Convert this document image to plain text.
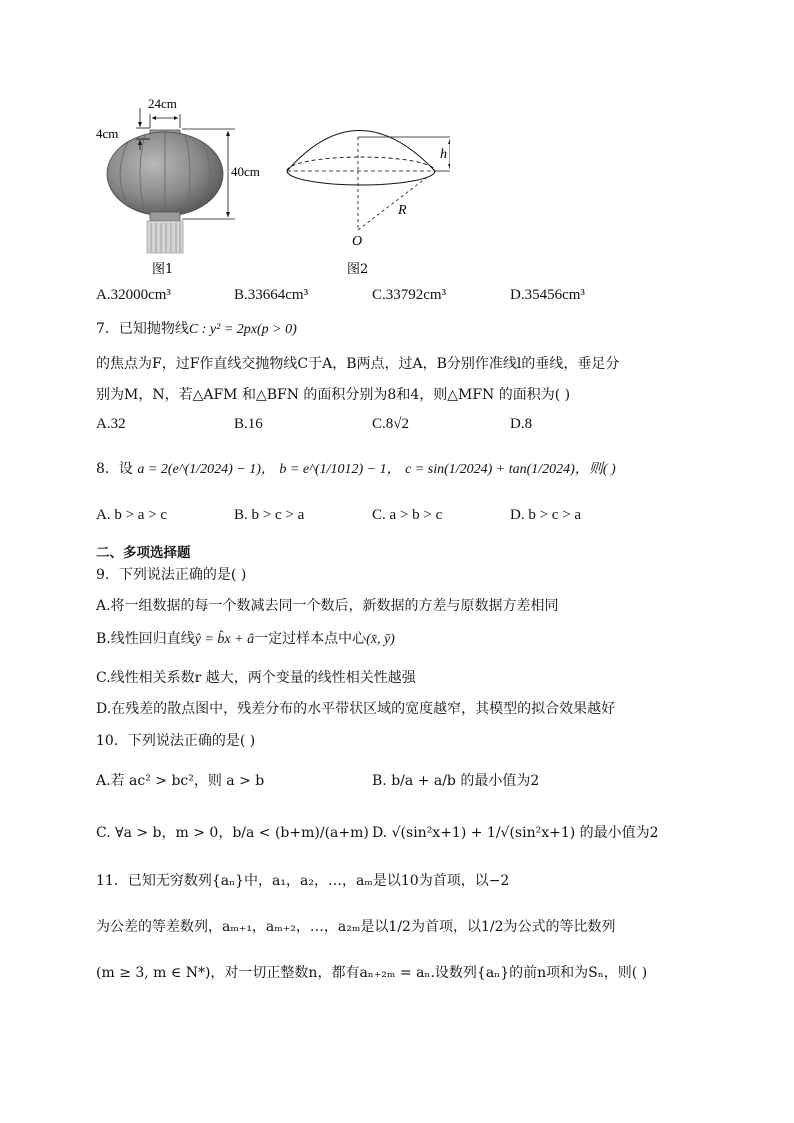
24cm
4cm
40cm
图1
h
R
O
图2
A.32000cm³	B.33664cm³	C.33792cm³	D.35456cm³
7．已知抛物线C : y² = 2px(p > 0)
的焦点为F，过F作直线交抛物线C于A，B两点，过A，B分别作准线l的垂线，垂足分
别为M，N，若△AFM 和△BFN 的面积分别为8和4，则△MFN 的面积为( )
A.32	B.16	C.8√2	D.8
8．设 a = 2(e^(1/2024) − 1)， b = e^(1/1012) − 1， c = sin(1/2024) + tan(1/2024)，则( )
A. b > a > c	B. b > c > a	C. a > b > c	D. b > c > a
二、多项选择题
9．下列说法正确的是( )
A.将一组数据的每一个数减去同一个数后，新数据的方差与原数据方差相同
B.线性回归直线ŷ = b̂x + â一定过样本点中心(x̄, ȳ)
C.线性相关系数r 越大，两个变量的线性相关性越强
D.在残差的散点图中，残差分布的水平带状区域的宽度越窄，其模型的拟合效果越好
10．下列说法正确的是( )
A.若 ac² > bc²，则 a > b	B. b/a + a/b 的最小值为2
C. ∀a > b，m > 0，b/a < (b+m)/(a+m) D. √(sin²x+1) + 1/√(sin²x+1) 的最小值为2
11．已知无穷数列{aₙ}中，a₁，a₂，…，aₘ是以10为首项，以−2
为公差的等差数列，aₘ₊₁，aₘ₊₂，…，a₂ₘ是以1/2为首项，以1/2为公式的等比数列
(m ≥ 3, m ∈ N*)，对一切正整数n，都有aₙ₊₂ₘ = aₙ.设数列{aₙ}的前n项和为Sₙ，则( )
